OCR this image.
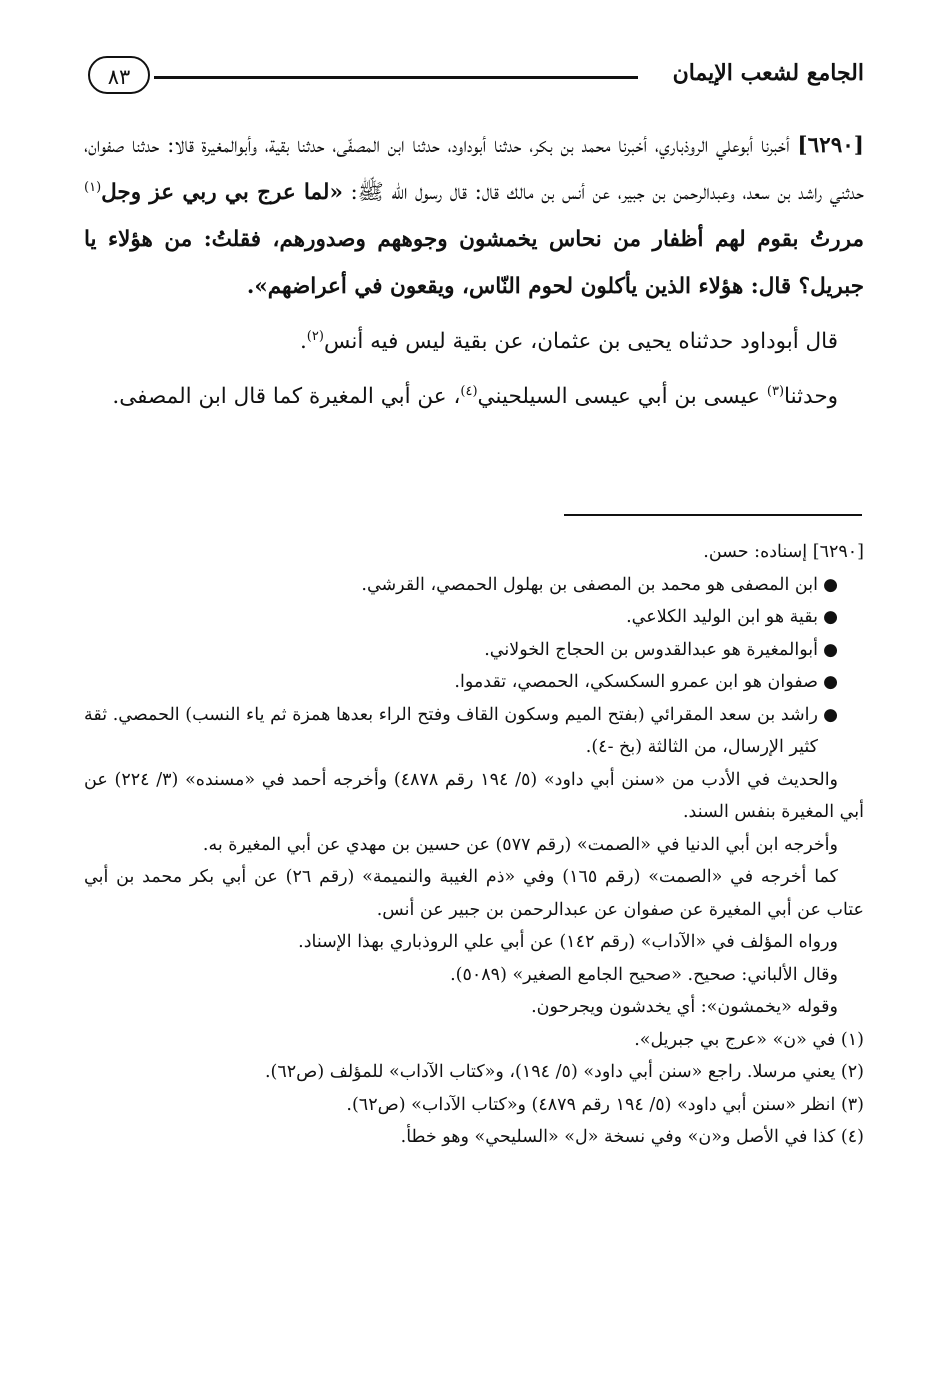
الجامع لشعب الإيمان
٨٣

[٦٢٩٠] أخبرنا أبوعلي الروذباري، أخبرنا محمد بن بكر، حدثنا أبوداود، حدثنا ابن المصفّى، حدثنا بقية، وأبوالمغيرة قالا: حدثنا صفوان، حدثني راشد بن سعد، وعبدالرحمن بن جبير، عن أنس بن مالك قال: قال رسول الله ﷺ: «لما عرج بي ربي عز وجل$^{(١)}$ مررتُ بقوم لهم أظفار من نحاس يخمشون وجوههم وصدورهم، فقلتُ: من هؤلاء يا جبريل؟ قال: هؤلاء الذين يأكلون لحوم النّاس، ويقعون في أعراضهم».

قال أبوداود حدثناه يحيى بن عثمان، عن بقية ليس فيه أنس$^{(٢)}$.

وحدثنا$^{(٣)}$ عيسى بن أبي عيسى السيلحيني$^{(٤)}$، عن أبي المغيرة كما قال ابن المصفى.

[٦٢٩٠] إسناده: حسن.

●
ابن المصفى هو محمد بن المصفى بن بهلول الحمصي، القرشي.
●
بقية هو ابن الوليد الكلاعي.
●
أبوالمغيرة هو عبدالقدوس بن الحجاج الخولاني.
●
صفوان هو ابن عمرو السكسكي، الحمصي، تقدموا.
●
راشد بن سعد المقرائي (بفتح الميم وسكون القاف وفتح الراء بعدها همزة ثم ياء النسب) الحمصي. ثقة كثير الإرسال، من الثالثة (بخ -٤).

والحديث في الأدب من «سنن أبي داود» (٥/ ١٩٤ رقم ٤٨٧٨) وأخرجه أحمد في «مسنده» (٣/ ٢٢٤) عن أبي المغيرة بنفس السند.

وأخرجه ابن أبي الدنيا في «الصمت» (رقم ٥٧٧) عن حسين بن مهدي عن أبي المغيرة به.

كما أخرجه في «الصمت» (رقم ١٦٥) وفي «ذم الغيبة والنميمة» (رقم ٢٦) عن أبي بكر محمد بن أبي عتاب عن أبي المغيرة عن صفوان عن عبدالرحمن بن جبير عن أنس.

ورواه المؤلف في «الآداب» (رقم ١٤٢) عن أبي علي الروذباري بهذا الإسناد.

وقال الألباني: صحيح. «صحيح الجامع الصغير» (٥٠٨٩).

وقوله «يخمشون»: أي يخدشون ويجرحون.

(١) في «ن» «عرج بي جبريل».

(٢) يعني مرسلا. راجع «سنن أبي داود» (٥/ ١٩٤)، و«كتاب الآداب» للمؤلف (ص٦٢).

(٣) انظر «سنن أبي داود» (٥/ ١٩٤ رقم ٤٨٧٩) و«كتاب الآداب» (ص٦٢).

(٤) كذا في الأصل و«ن» وفي نسخة «ل» «السليحي» وهو خطأ.
